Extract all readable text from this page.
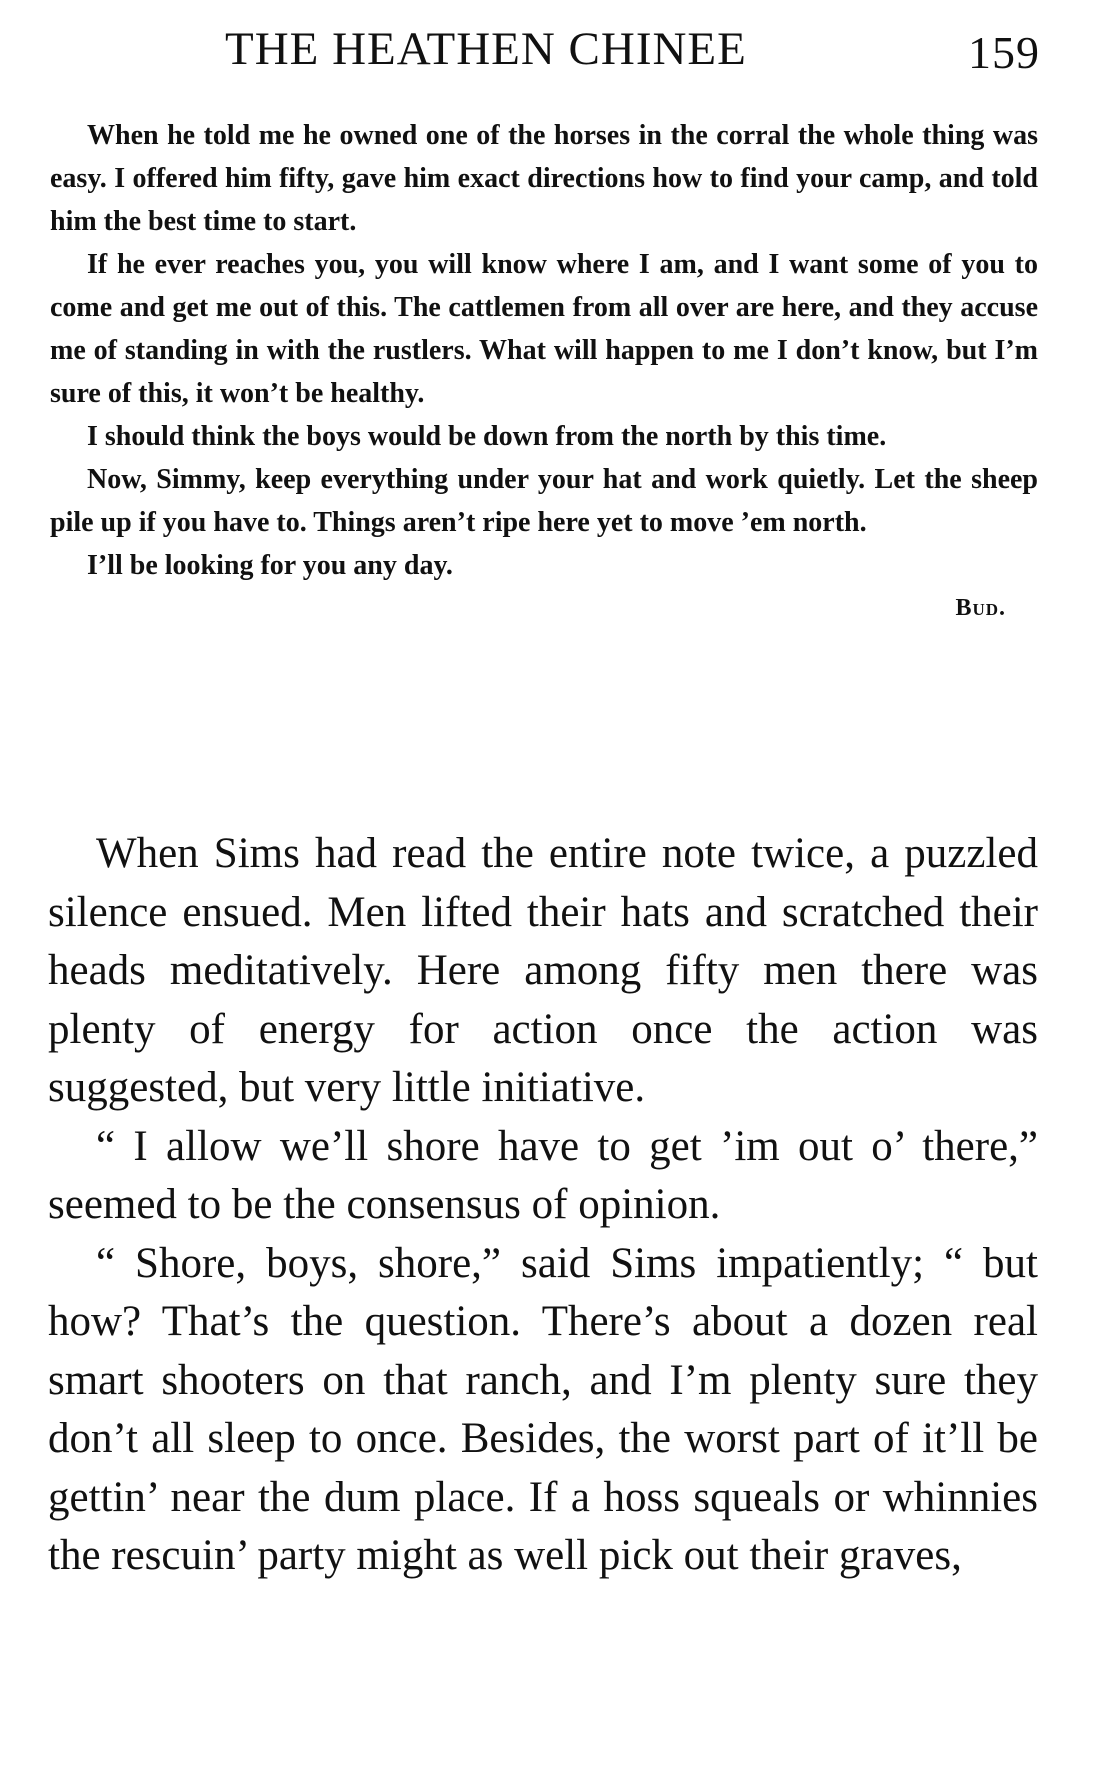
THE HEATHEN CHINEE	159

When he told me he owned one of the horses in the corral the whole thing was easy. I offered him fifty, gave him exact directions how to find your camp, and told him the best time to start.

If he ever reaches you, you will know where I am, and I want some of you to come and get me out of this. The cattlemen from all over are here, and they accuse me of standing in with the rustlers. What will happen to me I don’t know, but I’m sure of this, it won’t be healthy.

I should think the boys would be down from the north by this time.

Now, Simmy, keep everything under your hat and work quietly. Let the sheep pile up if you have to. Things aren’t ripe here yet to move ’em north.

I’ll be looking for you any day.

Bud.

When Sims had read the entire note twice, a puzzled silence ensued. Men lifted their hats and scratched their heads meditatively. Here among fifty men there was plenty of energy for action once the action was suggested, but very little initiative.

“ I allow we’ll shore have to get ’im out o’ there,” seemed to be the consensus of opinion.

“ Shore, boys, shore,” said Sims impatiently; “ but how? That’s the question. There’s about a dozen real smart shooters on that ranch, and I’m plenty sure they don’t all sleep to once. Besides, the worst part of it’ll be gettin’ near the dum place. If a hoss squeals or whinnies the rescuin’ party might as well pick out their graves,
